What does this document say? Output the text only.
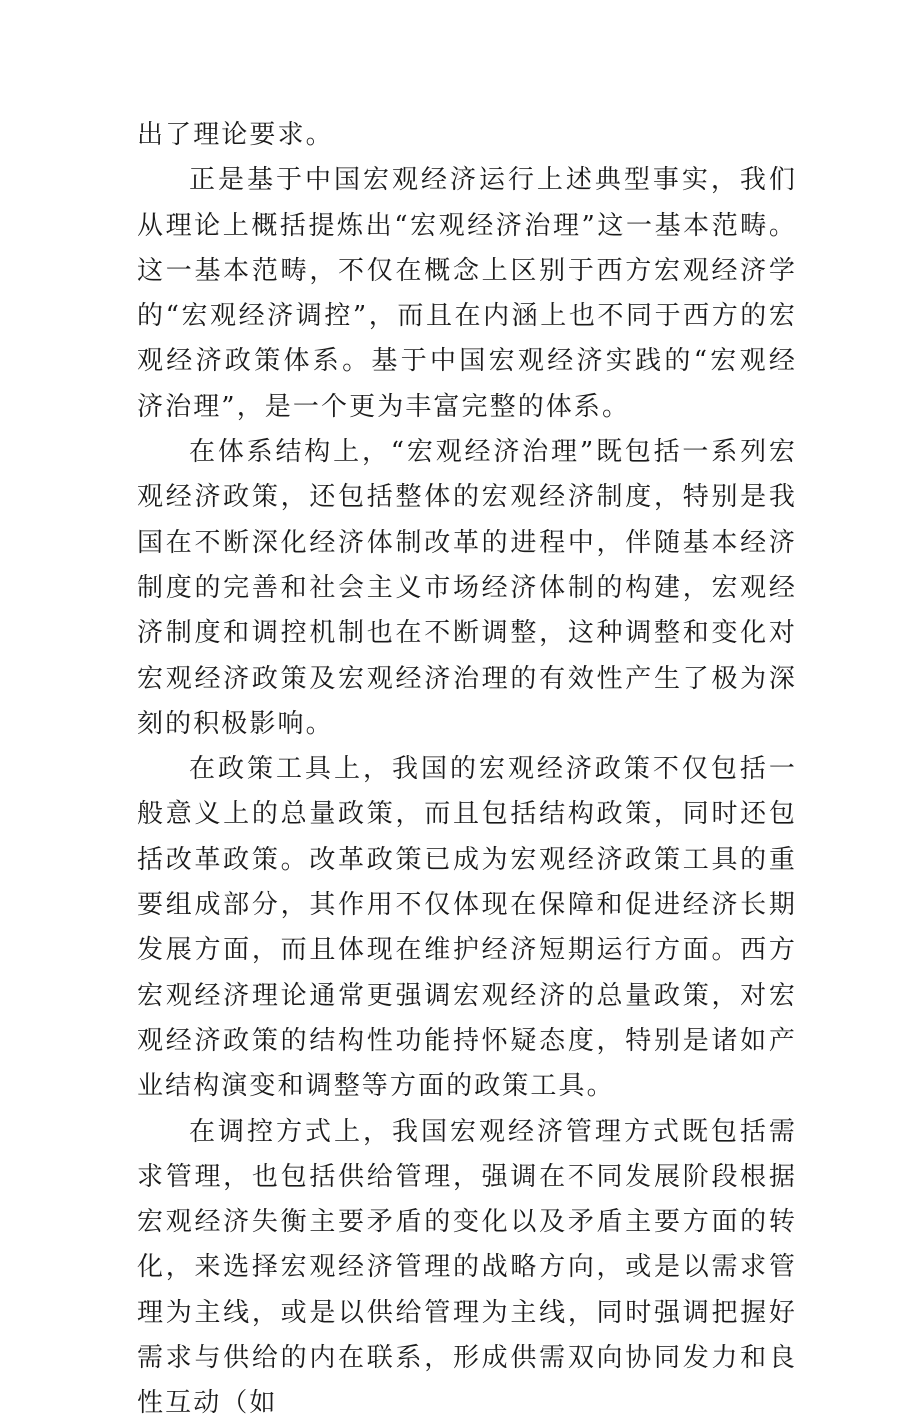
出了理论要求。

正是基于中国宏观经济运行上述典型事实，我们从理论上概括提炼出“宏观经济治理”这一基本范畴。这一基本范畴，不仅在概念上区别于西方宏观经济学的“宏观经济调控”，而且在内涵上也不同于西方的宏观经济政策体系。基于中国宏观经济实践的“宏观经济治理”，是一个更为丰富完整的体系。

在体系结构上，“宏观经济治理”既包括一系列宏观经济政策，还包括整体的宏观经济制度，特别是我国在不断深化经济体制改革的进程中，伴随基本经济制度的完善和社会主义市场经济体制的构建，宏观经济制度和调控机制也在不断调整，这种调整和变化对宏观经济政策及宏观经济治理的有效性产生了极为深刻的积极影响。

在政策工具上，我国的宏观经济政策不仅包括一般意义上的总量政策，而且包括结构政策，同时还包括改革政策。改革政策已成为宏观经济政策工具的重要组成部分，其作用不仅体现在保障和促进经济长期发展方面，而且体现在维护经济短期运行方面。西方宏观经济理论通常更强调宏观经济的总量政策，对宏观经济政策的结构性功能持怀疑态度，特别是诸如产业结构演变和调整等方面的政策工具。

在调控方式上，我国宏观经济管理方式既包括需求管理，也包括供给管理，强调在不同发展阶段根据宏观经济失衡主要矛盾的变化以及矛盾主要方面的转化，来选择宏观经济管理的战略方向，或是以需求管理为主线，或是以供给管理为主线，同时强调把握好需求与供给的内在联系，形成供需双向协同发力和良性互动（如
